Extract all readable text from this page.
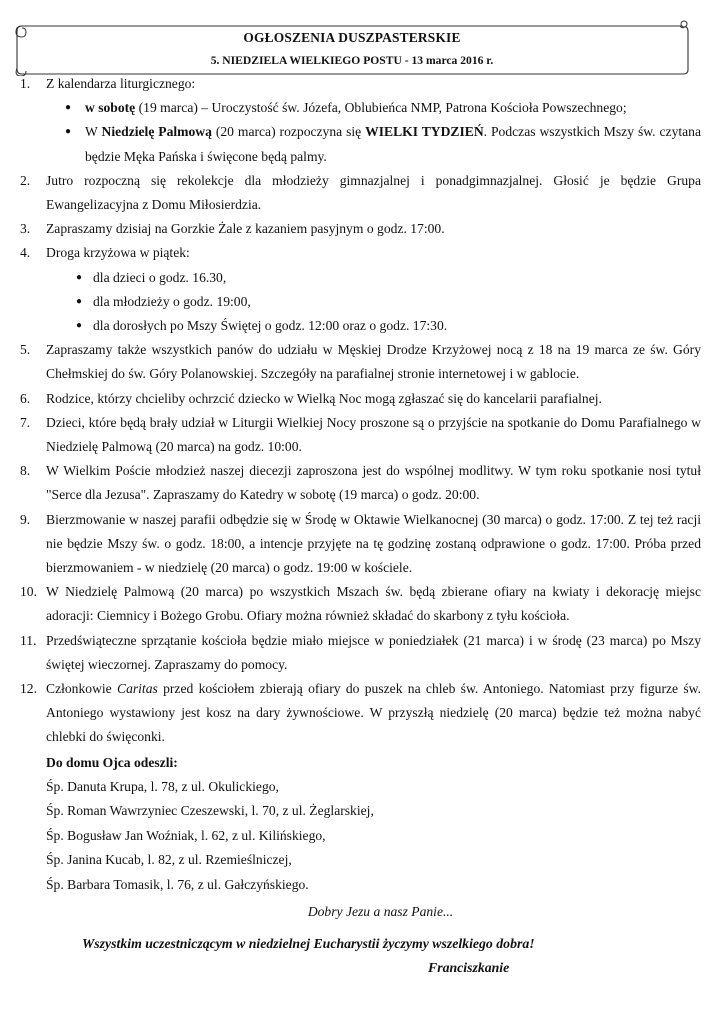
OGŁOSZENIA DUSZPASTERSKIE
5. NIEDZIELA WIELKIEGO POSTU - 13 marca 2016 r.
1. Z kalendarza liturgicznego:
● w sobotę (19 marca) – Uroczystość św. Józefa, Oblubieńca NMP, Patrona Kościoła Powszechnego;
● W Niedzielę Palmową (20 marca) rozpoczyna się WIELKI TYDZIEŃ. Podczas wszystkich Mszy św. czytana będzie Męka Pańska i święcone będą palmy.
2. Jutro rozpoczną się rekolekcje dla młodzieży gimnazjalnej i ponadgimnazjalnej. Głosić je będzie Grupa Ewangelizacyjna z Domu Miłosierdzia.
3. Zapraszamy dzisiaj na Gorzkie Żale z kazaniem pasyjnym o godz. 17:00.
4. Droga krzyżowa w piątek:
● dla dzieci o godz. 16.30,
● dla młodzieży o godz. 19:00,
● dla dorosłych po Mszy Świętej o godz. 12:00 oraz o godz. 17:30.
5. Zapraszamy także wszystkich panów do udziału w Męskiej Drodze Krzyżowej nocą z 18 na 19 marca ze św. Góry Chełmskiej do św. Góry Polanowskiej. Szczegóły na parafialnej stronie internetowej i w gablocie.
6. Rodzice, którzy chcieliby ochrzcić dziecko w Wielką Noc mogą zgłaszać się do kancelarii parafialnej.
7. Dzieci, które będą brały udział w Liturgii Wielkiej Nocy proszone są o przyjście na spotkanie do Domu Parafialnego w Niedzielę Palmową (20 marca) na godz. 10:00.
8. W Wielkim Poście młodzież naszej diecezji zaproszona jest do wspólnej modlitwy. W tym roku spotkanie nosi tytuł "Serce dla Jezusa". Zapraszamy do Katedry w sobotę (19 marca) o godz. 20:00.
9. Bierzmowanie w naszej parafii odbędzie się w Środę w Oktawie Wielkanocnej (30 marca) o godz. 17:00. Z tej też racji nie będzie Mszy św. o godz. 18:00, a intencje przyjęte na tę godzinę zostaną odprawione o godz. 17:00. Próba przed bierzmowaniem - w niedzielę (20 marca) o godz. 19:00 w kościele.
10. W Niedzielę Palmową (20 marca) po wszystkich Mszach św. będą zbierane ofiary na kwiaty i dekorację miejsc adoracji: Ciemnicy i Bożego Grobu. Ofiary można również składać do skarbony z tyłu kościoła.
11. Przedświąteczne sprzątanie kościoła będzie miało miejsce w poniedziałek (21 marca) i w środę (23 marca) po Mszy świętej wieczornej. Zapraszamy do pomocy.
12. Członkowie Caritas przed kościołem zbierają ofiary do puszek na chleb św. Antoniego. Natomiast przy figurze św. Antoniego wystawiony jest kosz na dary żywnościowe. W przyszłą niedzielę (20 marca) będzie też można nabyć chlebki do święconki.
Do domu Ojca odeszli:
Śp. Danuta Krupa, l. 78, z ul. Okulickiego,
Śp. Roman Wawrzyniec Czeszewski, l. 70, z ul. Żeglarskiej,
Śp. Bogusław Jan Woźniak, l. 62, z ul. Kilińskiego,
Śp. Janina Kucab, l. 82, z ul. Rzemieślniczej,
Śp. Barbara Tomasik, l. 76, z ul. Gałczyńskiego.
Dobry Jezu a nasz Panie...
Wszystkim uczestniczącym w niedzielnej Eucharystii życzymy wszelkiego dobra!
Franciszkanie
